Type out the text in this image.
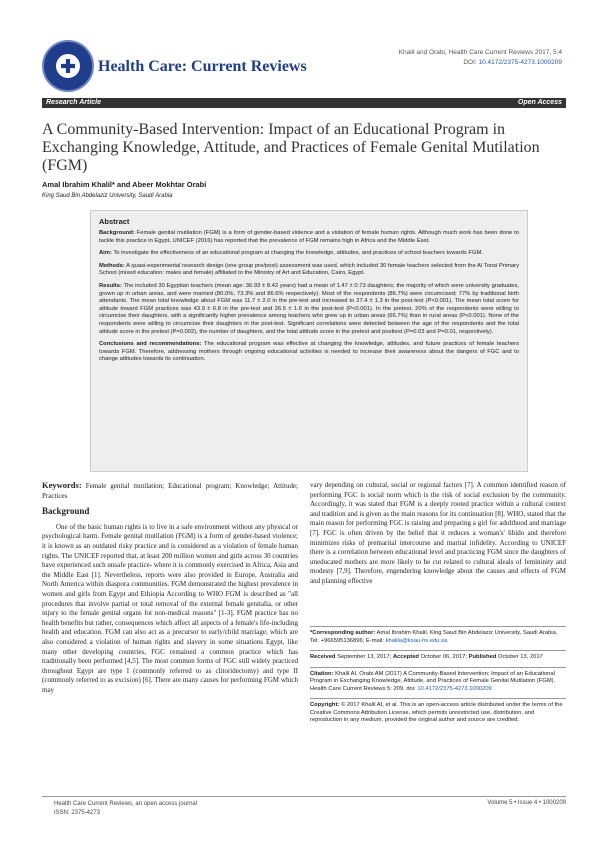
Health Care: Current Reviews
Khalil and Orabi, Health Care Current Reviews 2017, 5:4
DOI: 10.4172/2375-4273.1000209
Research Article	Open Access
A Community-Based Intervention: Impact of an Educational Program in Exchanging Knowledge, Attitude, and Practices of Female Genital Mutilation (FGM)
Amal Ibrahim Khalil* and Abeer Mokhtar Orabi
King Saud Bin Abdelaziz University, Saudi Arabia
Abstract

Background: Female genital mutilation (FGM) is a form of gender-based violence and a violation of female human rights. Although much work has been done to tackle this practice in Egypt, UNICEF (2016) has reported that the prevalence of FGM remains high in Africa and the Middle East.

Aim: To investigate the effectiveness of an educational program at changing the knowledge, attitudes, and practices of school teachers towards FGM.

Methods: A quasi-experimental research design (one group pre/post) assessment was used, which included 30 female teachers selected from the Al Tonsi Primary School (mixed education: males and female) affiliated to the Ministry of Art and Education, Cairo, Egypt.

Results: The included 30 Egyptian teachers (mean age: 36.93 ± 8.42 years) had a mean of 1.47 ± 0.73 daughters; the majority of which were university graduates, grown up in urban areas, and were married (80.0%, 73.3% and 86.6% respectively). Most of the respondents (86.7%) were circumcised; 77% by traditional birth attendants. The mean total knowledge about FGM was 11.7 ± 2.0 in the pre-test and increased to 27.4 ± 1.3 in the post-test (P<0.001). The mean total score for attitude toward FGM practices was 43.9 ± 6.8 in the pre-test and 26.5 ± 1.6 in the post-test (P<0.001). In the pretest, 20% of the respondents were willing to circumcise their daughters, with a significantly higher prevalence among teachers who grew up in urban areas (66.7%) than in rural areas (P<0.001). None of the respondents were willing to circumcise their daughters in the post-test. Significant correlations were detected between the age of the respondents and the total attitude score in the pretest (P=0.002), the number of daughters, and the total attitude score in the pretest and posttest (P=0.03 and P=0.01, respectively).

Conclusions and recommendations: The educational program was effective at changing the knowledge, attitudes, and future practices of female teachers towards FGM. Therefore, addressing mothers through ongoing educational activities is needed to increase their awareness about the dangers of FGC and to change attitudes towards its continuation.

Keywords: Female genital mutilation; Educational program; Knowledge; Attitude; Practices
Background
One of the basic human rights is to live in a safe environment without any physical or psychological harm. Female genital mutilation (FGM) is a form of gender-based violence; it is known as an outdated risky practice and is considered as a violation of female human rights. The UNICEF reported that, at least 200 million women and girls across 30 countries have experienced such unsafe practice- where it is commonly exercised in Africa, Asia and the Middle East [1]. Nevertheless, reports were also provided in Europe, Australia and North America within diaspora communities. FGM demonstrated the highest prevalence in women and girls from Egypt and Ethiopia According to WHO FGM is described as "all procedures that involve partial or total removal of the external female genitalia, or other injury to the female genital organs for non-medical reasons" [1-3]. FGM practice has no health benefits but rather, consequences which affect all aspects of a female's life-including health and education. FGM can also act as a precursor to early/child marriage, which are also considered a violation of human rights and slavery in some situations Egypt, like many other developing countries, FGC remained a common practice which has traditionally been performed [4,5]. The most common forms of FGC still widely practiced throughout Egypt are type I (commonly referred to as clitoridectomy) and type II (commonly referred to as excision) [6]. There are many causes for performing FGM which may
vary depending on cultural, social or regional factors [7]. A common identified reason of performing FGC is social norm which is the risk of social exclusion by the community. Accordingly, it was stated that FGM is a deeply rooted practice within a cultural context and tradition and is given as the main reasons for its continuation [8]. WHO, stated that the main reason for performing FGC is raising and preparing a girl for adulthood and marriage [7]. FGC is often driven by the belief that it reduces a woman's' libido and therefore minimizes risks of premarital intercourse and marital infidelity. According to UNICEF there is a correlation between educational level and practicing FGM since the daughters of uneducated mothers are more likely to be cut related to cultural ideals of femininity and modesty [7,9]. Therefore, engendering knowledge about the causes and effects of FGM and planning effective

*Corresponding author: Amal Ibrahim Khalil, King Saud Bin Abdelaziz University, Saudi Arabia, Tel: +966595136896; E-mail: khalila@ksau-hs.edu.sa

Received September 13, 2017; Accepted October 06, 2017; Published October 13, 2017

Citation: Khalil AI, Orabi AM (2017) A Community-Based Intervention: Impact of an Educational Program in Exchanging Knowledge, Attitude, and Practices of Female Genital Mutilation (FGM). Health Care Current Reviews 5: 209. doi: 10.4172/2375-4273.1000209

Copyright: © 2017 Khalil AI, et al. This is an open-access article distributed under the terms of the Creative Commons Attribution License, which permits unrestricted use, distribution, and reproduction in any medium, provided the original author and source are credited.

Health Care Current Reviews, an open access journal
ISSN: 2375-4273
Volume 5 • Issue 4 • 1000209
